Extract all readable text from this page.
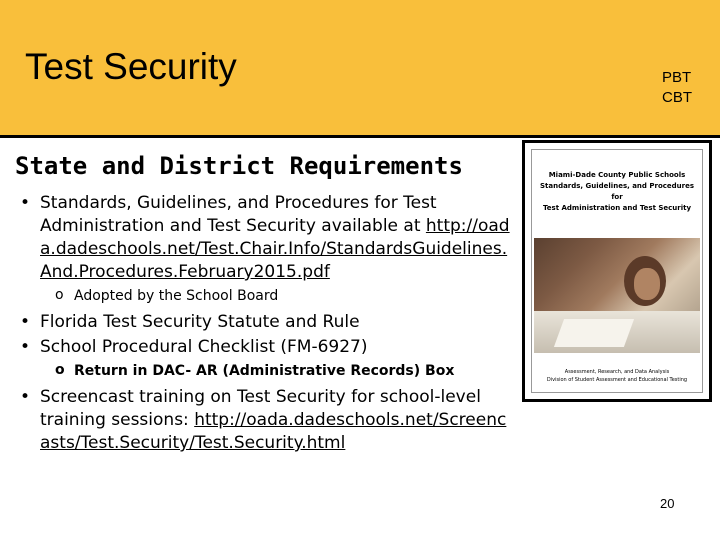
Test Security	PBT
CBT
State and District Requirements
• Standards, Guidelines, and Procedures for Test Administration and Test Security available at http://oada.dadeschools.net/Test.Chair.Info/StandardsGuidelines.And.Procedures.February2015.pdf
o Adopted by the School Board
• Florida Test Security Statute and Rule
• School Procedural Checklist (FM-6927)
o Return in DAC- AR (Administrative Records) Box
• Screencast training on Test Security for school-level training sessions: http://oada.dadeschools.net/Screencasts/Test.Security/Test.Security.html
Miami-Dade County Public Schools
Standards, Guidelines, and Procedures for
Test Administration and Test Security
Assessment, Research, and Data Analysis
Division of Student Assessment and Educational Testing
20
